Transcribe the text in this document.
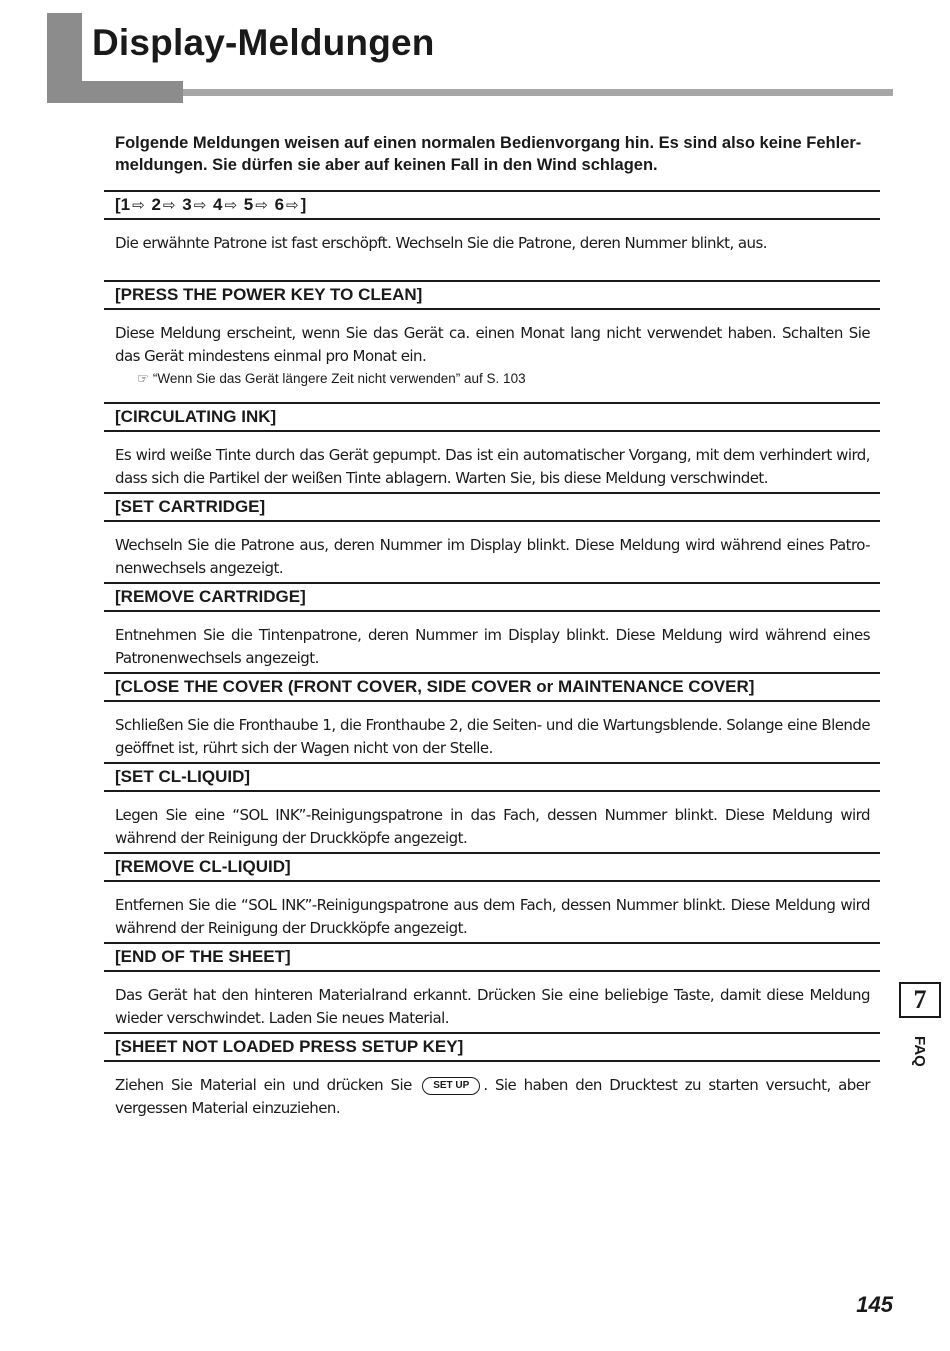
Display-Meldungen

Folgende Meldungen weisen auf einen normalen Bedienvorgang hin. Es sind also keine Fehler-meldungen. Sie dürfen sie aber auf keinen Fall in den Wind schlagen.

[1 ⇨ 2 ⇨ 3 ⇨ 4 ⇨ 5 ⇨ 6 ⇨ ]
Die erwähnte Patrone ist fast erschöpft. Wechseln Sie die Patrone, deren Nummer blinkt, aus.
[PRESS THE POWER KEY TO CLEAN]
Diese Meldung erscheint, wenn Sie das Gerät ca. einen Monat lang nicht verwendet haben. Schalten Sie das Gerät mindestens einmal pro Monat ein.
☞ “Wenn Sie das Gerät längere Zeit nicht verwenden” auf S. 103
[CIRCULATING INK]
Es wird weiße Tinte durch das Gerät gepumpt. Das ist ein automatischer Vorgang, mit dem verhindert wird, dass sich die Partikel der weißen Tinte ablagern. Warten Sie, bis diese Meldung verschwindet.
[SET CARTRIDGE]
Wechseln Sie die Patrone aus, deren Nummer im Display blinkt. Diese Meldung wird während eines Patro-nenwechsels angezeigt.
[REMOVE CARTRIDGE]
Entnehmen Sie die Tintenpatrone, deren Nummer im Display blinkt. Diese Meldung wird während eines Patronenwechsels angezeigt.
[CLOSE THE COVER (FRONT COVER, SIDE COVER or MAINTENANCE COVER]
Schließen Sie die Fronthaube 1, die Fronthaube 2, die Seiten- und die Wartungsblende. Solange eine Blende geöffnet ist, rührt sich der Wagen nicht von der Stelle.
[SET CL-LIQUID]
Legen Sie eine “SOL INK”-Reinigungspatrone in das Fach, dessen Nummer blinkt. Diese Meldung wird während der Reinigung der Druckköpfe angezeigt.
[REMOVE CL-LIQUID]
Entfernen Sie die “SOL INK”-Reinigungspatrone aus dem Fach, dessen Nummer blinkt. Diese Meldung wird während der Reinigung der Druckköpfe angezeigt.
[END OF THE SHEET]
Das Gerät hat den hinteren Materialrand erkannt. Drücken Sie eine beliebige Taste, damit diese Meldung wieder verschwindet. Laden Sie neues Material.
[SHEET NOT LOADED PRESS SETUP KEY]
Ziehen Sie Material ein und drücken Sie SET UP . Sie haben den Drucktest zu starten versucht, aber vergessen Material einzuziehen.
7
FAQ
145
